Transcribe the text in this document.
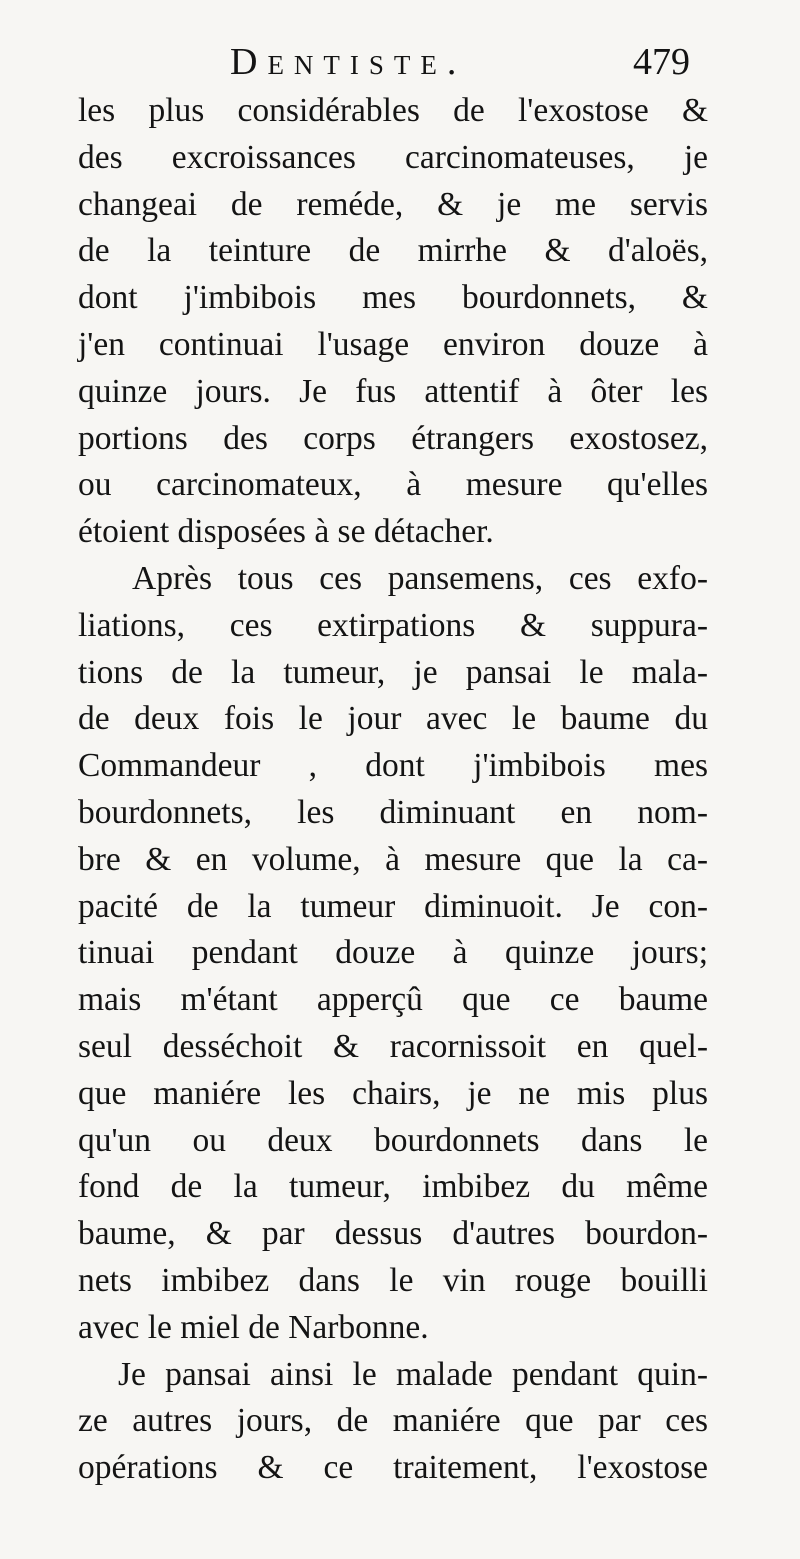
Dentiste.	479
les plus considérables de l'exostose &
des excroissances carcinomateuses, je
changeai de reméde, & je me servis
de la teinture de mirrhe & d'aloës,
dont j'imbibois mes bourdonnets, &
j'en continuai l'usage environ douze à
quinze jours. Je fus attentif à ôter les
portions des corps étrangers exostosez,
ou carcinomateux, à mesure qu'elles
étoient disposées à se détacher.
Après tous ces pansemens, ces exfo-
liations, ces extirpations & suppura-
tions de la tumeur, je pansai le mala-
de deux fois le jour avec le baume du
Commandeur , dont j'imbibois mes
bourdonnets, les diminuant en nom-
bre & en volume, à mesure que la ca-
pacité de la tumeur diminuoit. Je con-
tinuai pendant douze à quinze jours;
mais m'étant apperçû que ce baume
seul desséchoit & racornissoit en quel-
que maniére les chairs, je ne mis plus
qu'un ou deux bourdonnets dans le
fond de la tumeur, imbibez du même
baume, & par dessus d'autres bourdon-
nets imbibez dans le vin rouge bouilli
avec le miel de Narbonne.
Je pansai ainsi le malade pendant quin-
ze autres jours, de maniére que par ces
opérations & ce traitement, l'exostose
